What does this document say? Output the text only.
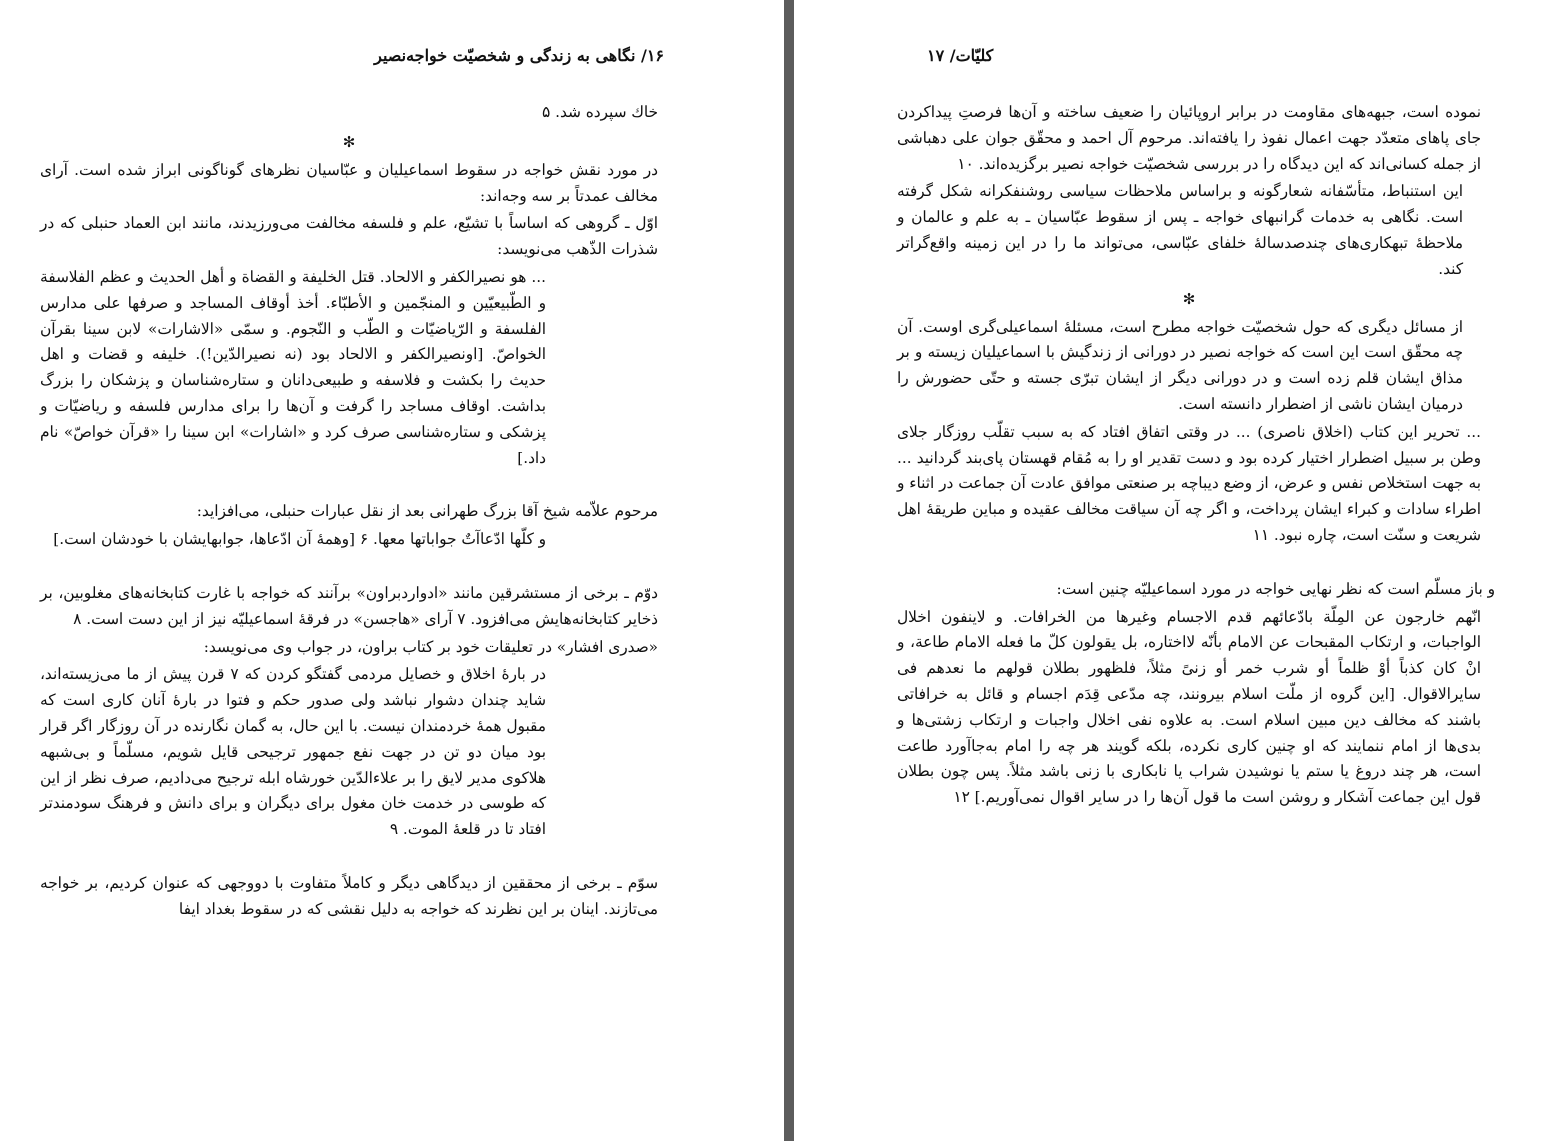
۱۶/ نگاهی به زندگی و شخصیّت خواجه‌نصیر

خاك سپرده شد. ۵

✻

در مورد نقش خواجه در سقوط اسماعیلیان و عبّاسیان نظرهای گوناگونی ابراز شده است. آرای مخالف عمدتاً بر سه وجه‌اند:

اوّل ـ گروهی که اساساً با تشیّع، علم و فلسفه مخالفت می‌ورزیدند، مانند ابن العماد حنبلی که در شذرات الذّهب می‌نویسد:

... هو نصیرالکفر و الالحاد. قتل الخلیفة و القضاة و أهل الحدیث و عظم الفلاسفة و الطّبیعیّین و المنجّمین و الأطبّاء. أخذ أوقاف المساجد و صرفها علی مدارس الفلسفة و الرّیاضیّات و الطّب و النّجوم. و سمّی «الاشارات» لابن سینا بقرآن الخواصّ. [اونصیرالکفر و الالحاد بود (نه نصیرالدّین!). خلیفه و قضات و اهل حدیث را بکشت و فلاسفه و طبیعی‌دانان و ستاره‌شناسان و پزشکان را بزرگ بداشت. اوقاف مساجد را گرفت و آن‌ها را برای مدارس فلسفه و ریاضیّات و پزشکی و ستاره‌شناسی صرف کرد و «اشارات» ابن سینا را «قرآن خواصّ» نام داد.]

مرحوم علاّمه شیخ آقا بزرگ طهرانی بعد از نقل عبارات حنبلی، می‌افزاید:

و کلّها ادّعاآتٌ جواباتها معها. ۶ [وهمهٔ آن ادّعاها، جوابهایشان با خودشان است.]

دوّم ـ برخی از مستشرقین مانند «ادواردبراون» برآنند که خواجه با غارت کتابخانه‌های مغلوبین، بر ذخایر کتابخانه‌هایش می‌افزود. ۷ آرای «هاجسن» در فرقهٔ اسماعیلیّه نیز از این دست است. ۸

«صدری افشار» در تعلیقات خود بر کتاب براون، در جواب وی می‌نویسد:

در بارهٔ اخلاق و خصایل مردمی گفتگو کردن که ۷ قرن پیش از ما می‌زیسته‌اند، شاید چندان دشوار نباشد ولی صدور حکم و فتوا در بارهٔ آنان کاری است که مقبول همهٔ خردمندان نیست. با این حال، به گمان نگارنده در آن روزگار اگر قرار بود میان دو تن در جهت نفع جمهور ترجیحی قایل شویم، مسلّماً و بی‌شبهه هلاکوی مدیر لایق را بر علاءالدّین خورشاه ابله ترجیح می‌دادیم، صرف نظر از این که طوسی در خدمت خان مغول برای دیگران و برای دانش و فرهنگ سودمندتر افتاد تا در قلعهٔ الموت. ۹

سوّم ـ برخی از محققین از دیدگاهی دیگر و کاملاً متفاوت با دووجهی که عنوان کردیم، بر خواجه می‌تازند. اینان بر این نظرند که خواجه به دلیل نقشی که در سقوط بغداد ایفا

کلیّات/ ۱۷

نموده است، جبهه‌های مقاومت در برابر اروپائیان را ضعیف ساخته و آن‌ها فرصتِ پیداکردن جای پاهای متعدّد جهت اعمال نفوذ را یافته‌اند. مرحوم آل احمد و محقّق جوان علی دهباشی از جمله کسانی‌اند که این دیدگاه را در بررسی شخصیّت خواجه نصیر برگزیده‌اند. ۱۰

این استنباط، متأسّفانه شعارگونه و براساس ملاحظات سیاسی روشنفکرانه شکل گرفته است. نگاهی به خدمات گرانبهای خواجه ـ پس از سقوط عبّاسیان ـ به علم و عالمان و ملاحظهٔ تبهکاری‌های چندصدسالهٔ خلفای عبّاسی، می‌تواند ما را در این زمینه واقع‌گراتر کند.

✻

از مسائل دیگری که حول شخصیّت خواجه مطرح است، مسئلهٔ اسماعیلی‌گری اوست. آن چه محقّق است این است که خواجه نصیر در دورانی از زندگیش با اسماعیلیان زیسته و بر مذاق ایشان قلم زده است و در دورانی دیگر از ایشان تبرّی جسته و حتّی حضورش را درمیان ایشان ناشی از اضطرار دانسته است.

... تحریر این کتاب (اخلاق ناصری) ... در وقتی اتفاق افتاد که به سبب تقلّب روزگار جلای وطن بر سبیل اضطرار اختیار کرده بود و دست تقدیر او را به مُقام قهستان پای‌بند گردانید ... به جهت استخلاص نفس و عرض، از وضع دیباچه بر صنعتی موافق عادت آن جماعت در اثناء و اطراء سادات و کبراء ایشان پرداخت، و اگر چه آن سیاقت مخالف عقیده و مباین طریقهٔ اهل شریعت و سنّت است، چاره نبود. ۱۱

و باز مسلّم است که نظر نهایی خواجه در مورد اسماعیلیّه چنین است:

انّهم خارجون عن المِلّة بادّعائهم قدم الاجسام وغیرها من الخرافات. و لاینفون اخلال الواجبات، و ارتکاب المقبحات عن الامام بأنّه لااختاره، بل یقولون کلّ ما فعله الامام طاعة، و انْ کان کذباً أوْ ظلماً أو شرب خمر أو زنیً مثلاً، فلظهور بطلان قولهم ما نعدهم فی سایرالاقوال. [این گروه از ملّت اسلام بیرونند، چه مدّعی قِدَم اجسام و قائل به خرافاتی باشند که مخالف دین مبین اسلام است. به علاوه نفی اخلال واجبات و ارتکاب زشتی‌ها و بدی‌ها از امام ننمایند که او چنین کاری نکرده، بلکه گویند هر چه را امام به‌جاآورد طاعت است، هر چند دروغ یا ستم یا نوشیدن شراب یا نابکاری با زنی باشد مثلاً. پس چون بطلان قول این جماعت آشکار و روشن است ما قول آن‌ها را در سایر اقوال نمی‌آوریم.] ۱۲
